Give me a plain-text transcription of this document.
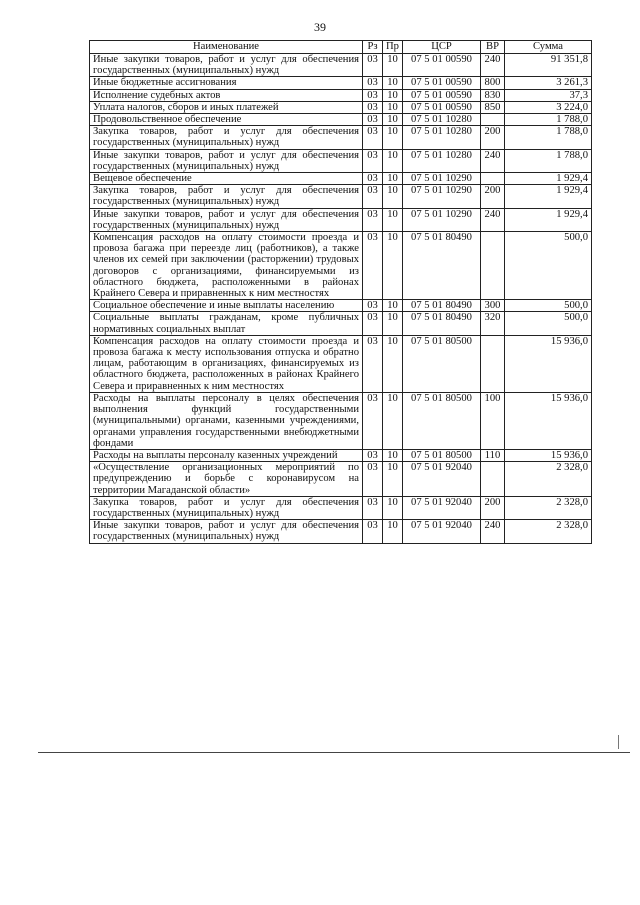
39
Наименование	Рз	Пр	ЦСР	ВР	Сумма
Иные закупки товаров, работ и услуг для обеспечения государственных (муниципальных) нужд	03	10	07 5 01 00590	240	91 351,8
Иные бюджетные ассигнования	03	10	07 5 01 00590	800	3 261,3
Исполнение судебных актов	03	10	07 5 01 00590	830	37,3
Уплата налогов, сборов и иных платежей	03	10	07 5 01 00590	850	3 224,0
Продовольственное обеспечение	03	10	07 5 01 10280		1 788,0
Закупка товаров, работ и услуг для обеспечения государственных (муниципальных) нужд	03	10	07 5 01 10280	200	1 788,0
Иные закупки товаров, работ и услуг для обеспечения государственных (муниципальных) нужд	03	10	07 5 01 10280	240	1 788,0
Вещевое обеспечение	03	10	07 5 01 10290		1 929,4
Закупка товаров, работ и услуг для обеспечения государственных (муниципальных) нужд	03	10	07 5 01 10290	200	1 929,4
Иные закупки товаров, работ и услуг для обеспечения государственных (муниципальных) нужд	03	10	07 5 01 10290	240	1 929,4
Компенсация расходов на оплату стоимости проезда и провоза багажа при переезде лиц (работников), а также членов их семей при заключении (расторжении) трудовых договоров с организациями, финансируемыми из областного бюджета, расположенными в районах Крайнего Севера и приравненных к ним местностях	03	10	07 5 01 80490		500,0
Социальное обеспечение и иные выплаты населению	03	10	07 5 01 80490	300	500,0
Социальные выплаты гражданам, кроме публичных нормативных социальных выплат	03	10	07 5 01 80490	320	500,0
Компенсация расходов на оплату стоимости проезда и провоза багажа к месту использования отпуска и обратно лицам, работающим в организациях, финансируемых из областного бюджета, расположенных в районах Крайнего Севера и приравненных к ним местностях	03	10	07 5 01 80500		15 936,0
Расходы на выплаты персоналу в целях обеспечения выполнения функций государственными (муниципальными) органами, казенными учреждениями, органами управления государственными внебюджетными фондами	03	10	07 5 01 80500	100	15 936,0
Расходы на выплаты персоналу казенных учреждений	03	10	07 5 01 80500	110	15 936,0
«Осуществление организационных мероприятий по предупреждению и борьбе с коронавирусом на территории Магаданской области»	03	10	07 5 01 92040		2 328,0
Закупка товаров, работ и услуг для обеспечения государственных (муниципальных) нужд	03	10	07 5 01 92040	200	2 328,0
Иные закупки товаров, работ и услуг для обеспечения государственных (муниципальных) нужд	03	10	07 5 01 92040	240	2 328,0
